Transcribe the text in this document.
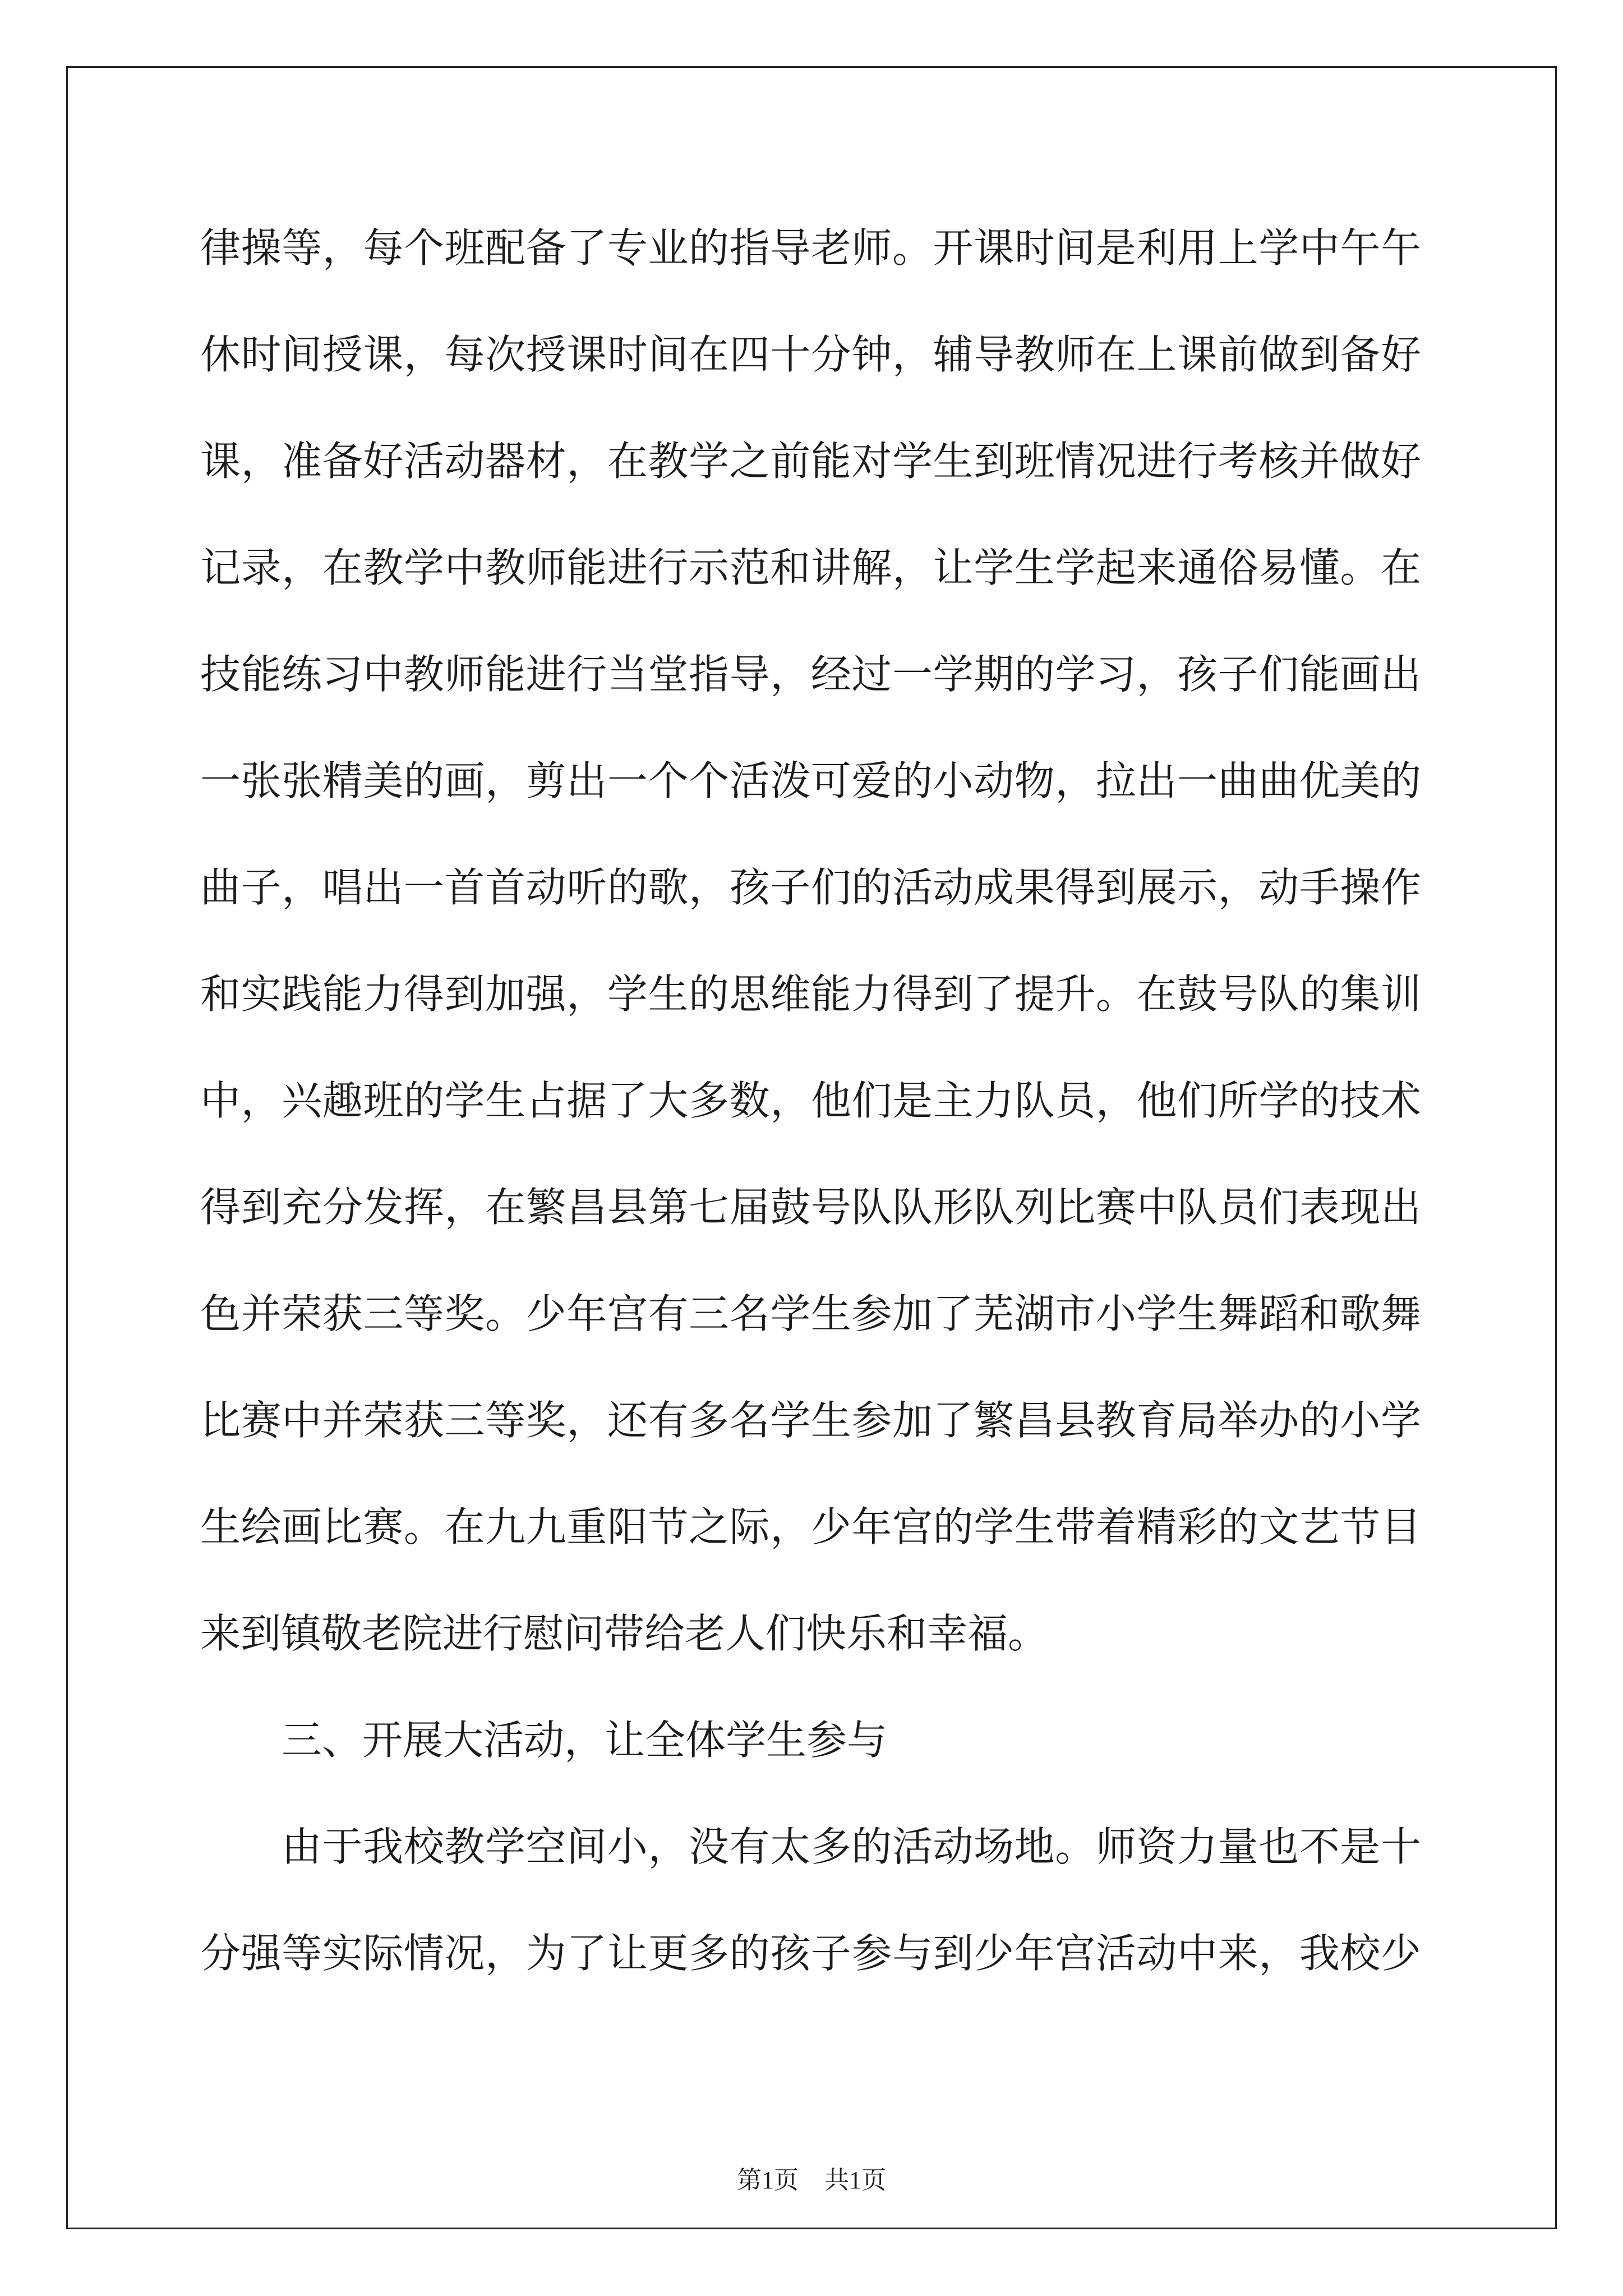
律操等，每个班配备了专业的指导老师。开课时间是利用上学中午午
休时间授课，每次授课时间在四十分钟，辅导教师在上课前做到备好
课，准备好活动器材，在教学之前能对学生到班情况进行考核并做好
记录，在教学中教师能进行示范和讲解，让学生学起来通俗易懂。在
技能练习中教师能进行当堂指导，经过一学期的学习，孩子们能画出
一张张精美的画，剪出一个个活泼可爱的小动物，拉出一曲曲优美的
曲子，唱出一首首动听的歌，孩子们的活动成果得到展示，动手操作
和实践能力得到加强，学生的思维能力得到了提升。在鼓号队的集训
中，兴趣班的学生占据了大多数，他们是主力队员，他们所学的技术
得到充分发挥，在繁昌县第七届鼓号队队形队列比赛中队员们表现出
色并荣获三等奖。少年宫有三名学生参加了芜湖市小学生舞蹈和歌舞
比赛中并荣获三等奖，还有多名学生参加了繁昌县教育局举办的小学
生绘画比赛。在九九重阳节之际，少年宫的学生带着精彩的文艺节目
来到镇敬老院进行慰问带给老人们快乐和幸福。
三、开展大活动，让全体学生参与
由于我校教学空间小，没有太多的活动场地。师资力量也不是十
分强等实际情况，为了让更多的孩子参与到少年宫活动中来，我校少
第1页 共1页
